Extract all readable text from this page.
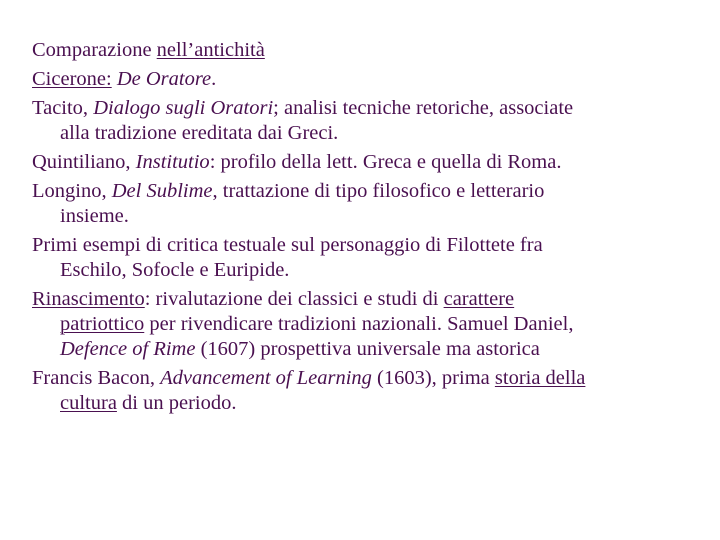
Comparazione nell’antichità

Cicerone: De Oratore.

Tacito, Dialogo sugli Oratori; analisi tecniche retoriche, associate

alla tradizione ereditata dai Greci.

Quintiliano, Institutio: profilo della lett. Greca e quella di Roma.

Longino, Del Sublime, trattazione di tipo filosofico e letterario

insieme.

Primi esempi di critica testuale sul personaggio di Filottete fra

Eschilo, Sofocle e Euripide.

Rinascimento: rivalutazione dei classici e studi di carattere

patriottico per rivendicare tradizioni nazionali. Samuel Daniel,

Defence of Rime (1607) prospettiva universale ma astorica

Francis Bacon, Advancement of Learning (1603), prima storia della

cultura di un periodo.
